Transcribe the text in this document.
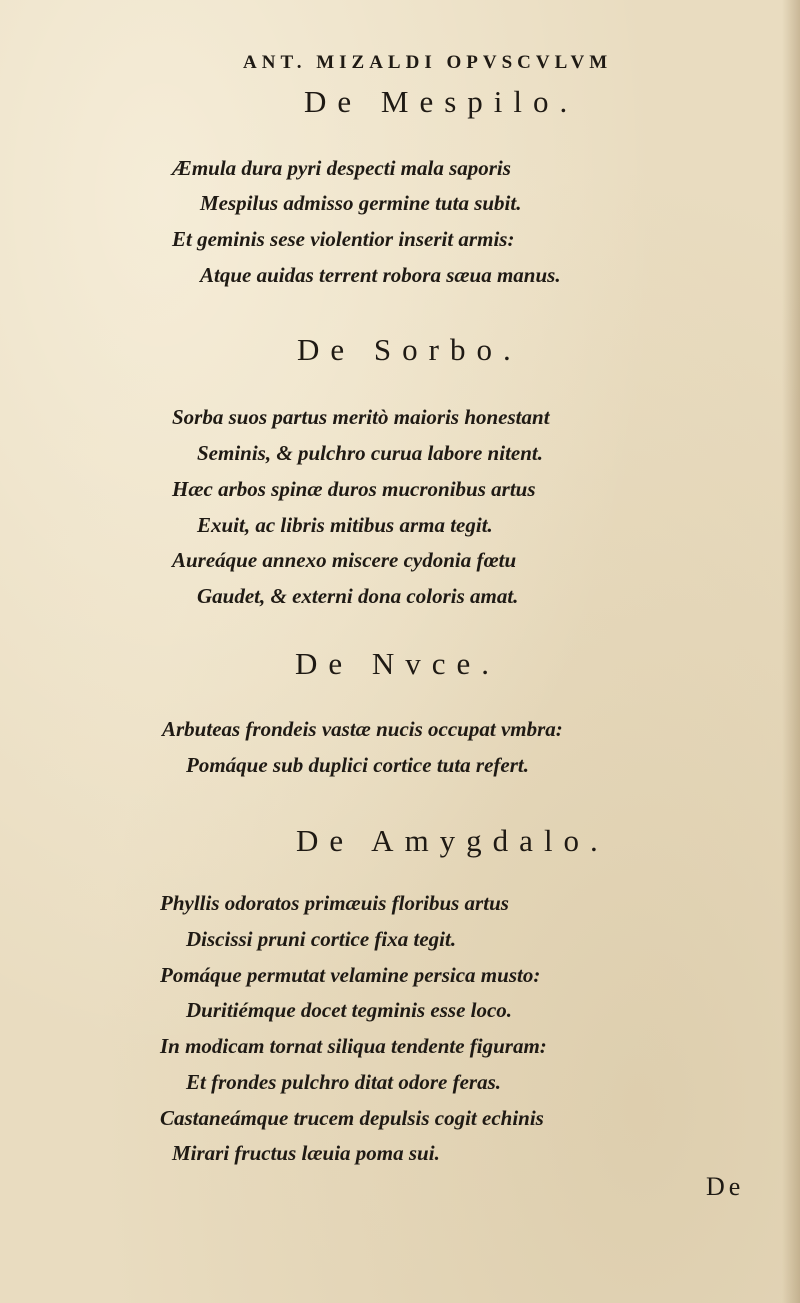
ANT. MIZALDI OPVSCVLVM
De Mespilo.
Æmula dura pyri despecti mala saporis
Mespilus admisso germine tuta subit.
Et geminis sese violentior inserit armis:
Atque auidas terrent robora sæua manus.
De Sorbo.
Sorba suos partus meritò maioris honestant
Seminis, & pulchro curua labore nitent.
Hæc arbos spinæ duros mucronibus artus
Exuit, ac libris mitibus arma tegit.
Aureáque annexo miscere cydonia fœtu
Gaudet, & externi dona coloris amat.
De Nvce.
Arbuteas frondeis vastæ nucis occupat vmbra:
Pomáque sub duplici cortice tuta refert.
De Amygdalo.
Phyllis odoratos primæuis floribus artus
Discissi pruni cortice fixa tegit.
Pomáque permutat velamine persica musto:
Duritiémque docet tegminis esse loco.
In modicam tornat siliqua tendente figuram:
Et frondes pulchro ditat odore feras.
Castaneámque trucem depulsis cogit echinis
Mirari fructus læuia poma sui.
De
